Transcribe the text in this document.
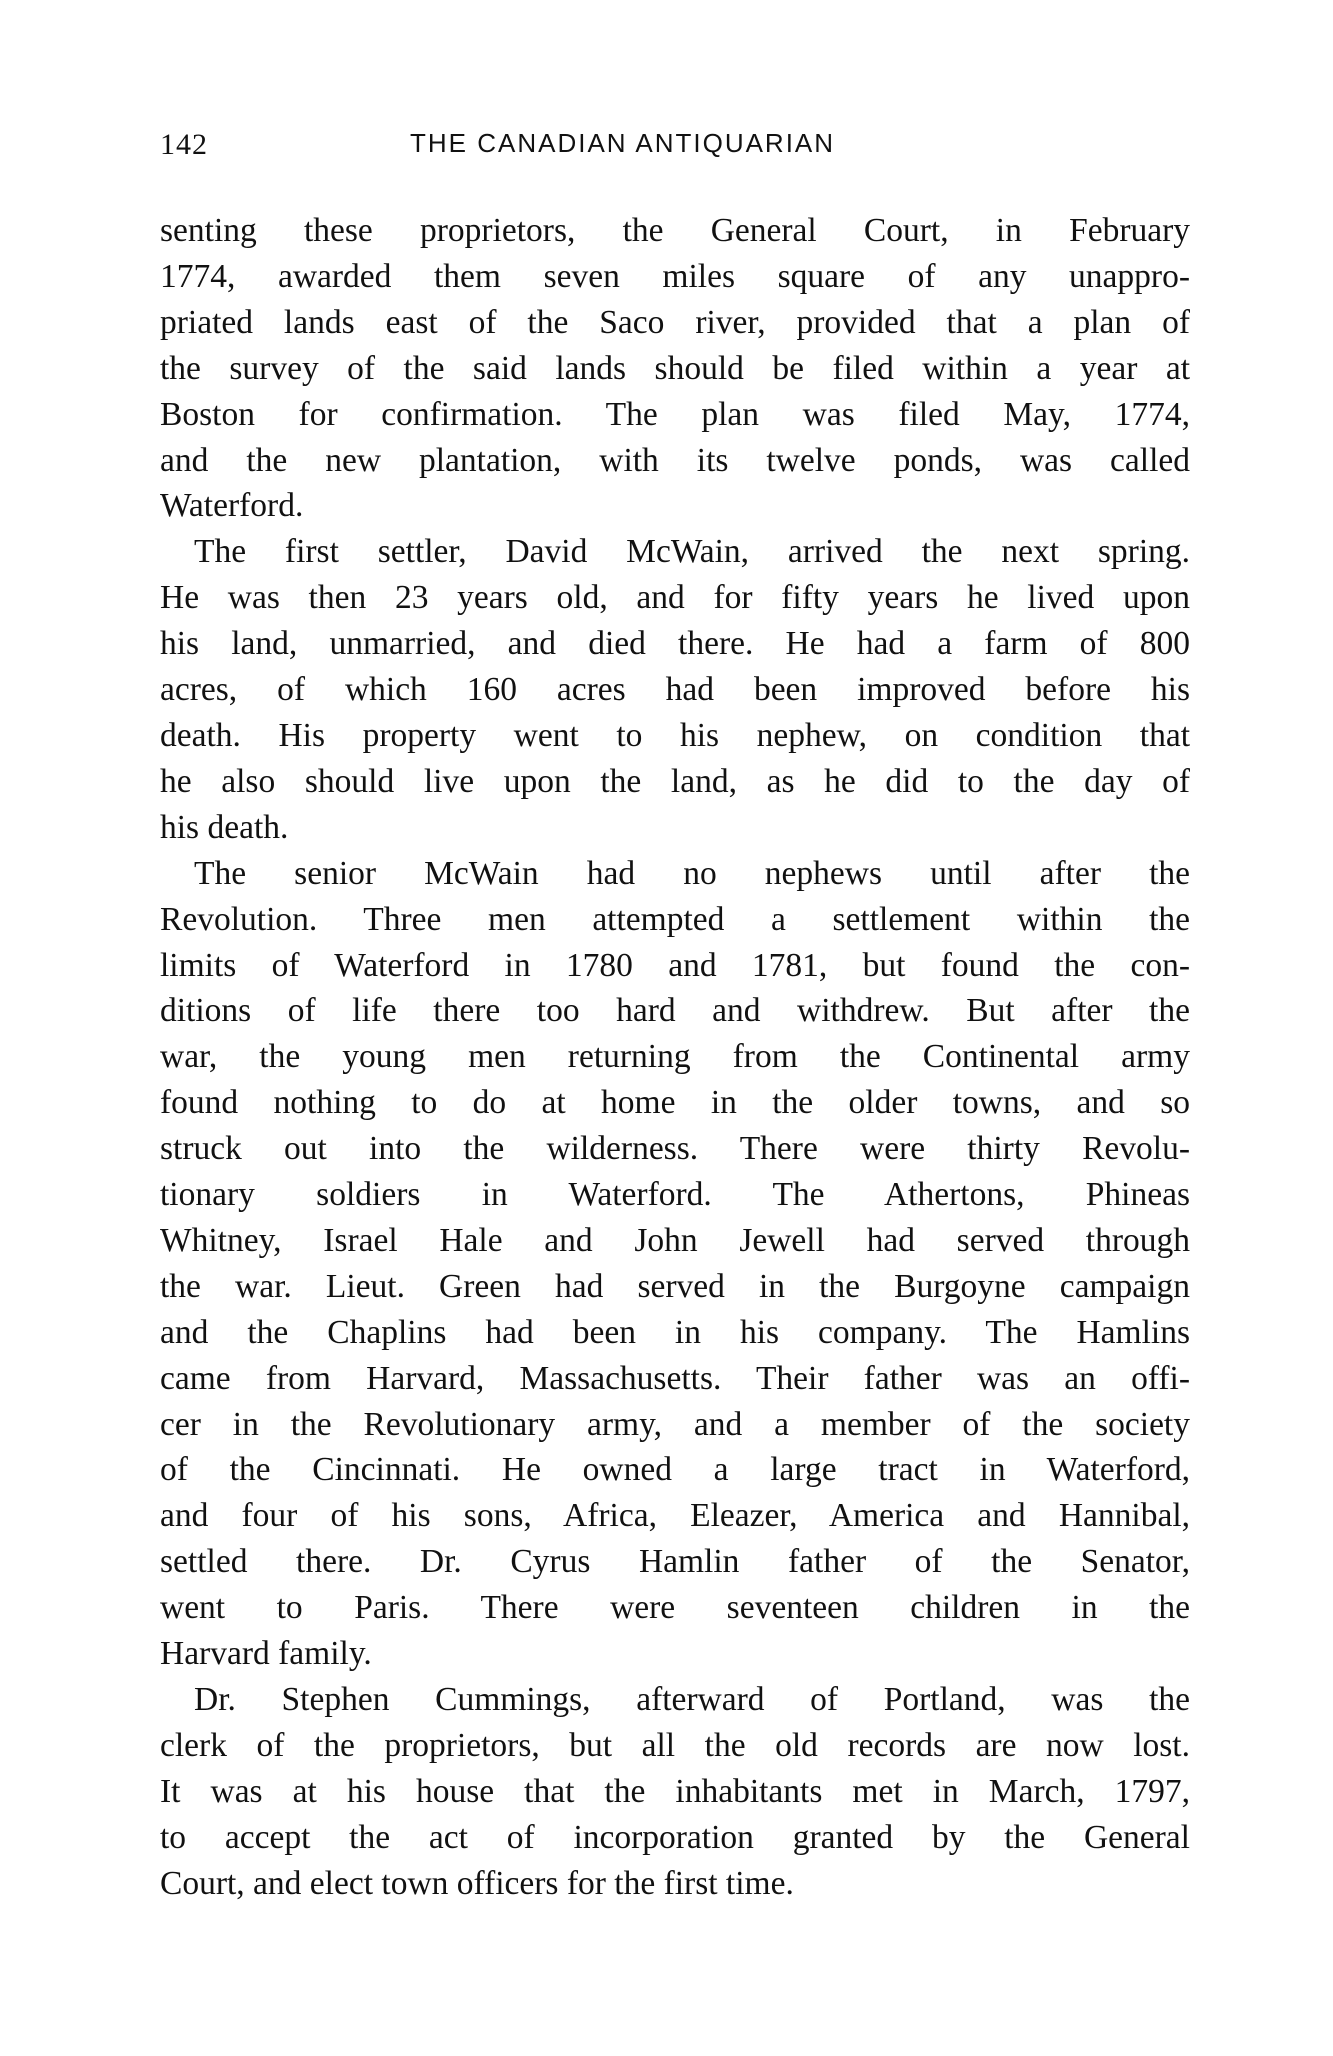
142	THE CANADIAN ANTIQUARIAN

senting these proprietors, the General Court, in February
1774, awarded them seven miles square of any unappro-
priated lands east of the Saco river, provided that a plan of
the survey of the said lands should be filed within a year at
Boston for confirmation. The plan was filed May, 1774,
and the new plantation, with its twelve ponds, was called
Waterford.

The first settler, David McWain, arrived the next spring.
He was then 23 years old, and for fifty years he lived upon
his land, unmarried, and died there. He had a farm of 800
acres, of which 160 acres had been improved before his
death. His property went to his nephew, on condition that
he also should live upon the land, as he did to the day of
his death.

The senior McWain had no nephews until after the
Revolution. Three men attempted a settlement within the
limits of Waterford in 1780 and 1781, but found the con-
ditions of life there too hard and withdrew. But after the
war, the young men returning from the Continental army
found nothing to do at home in the older towns, and so
struck out into the wilderness. There were thirty Revolu-
tionary soldiers in Waterford. The Athertons, Phineas
Whitney, Israel Hale and John Jewell had served through
the war. Lieut. Green had served in the Burgoyne campaign
and the Chaplins had been in his company. The Hamlins
came from Harvard, Massachusetts. Their father was an offi-
cer in the Revolutionary army, and a member of the society
of the Cincinnati. He owned a large tract in Waterford,
and four of his sons, Africa, Eleazer, America and Hannibal,
settled there. Dr. Cyrus Hamlin father of the Senator,
went to Paris. There were seventeen children in the
Harvard family.

Dr. Stephen Cummings, afterward of Portland, was the
clerk of the proprietors, but all the old records are now lost.
It was at his house that the inhabitants met in March, 1797,
to accept the act of incorporation granted by the General
Court, and elect town officers for the first time.
